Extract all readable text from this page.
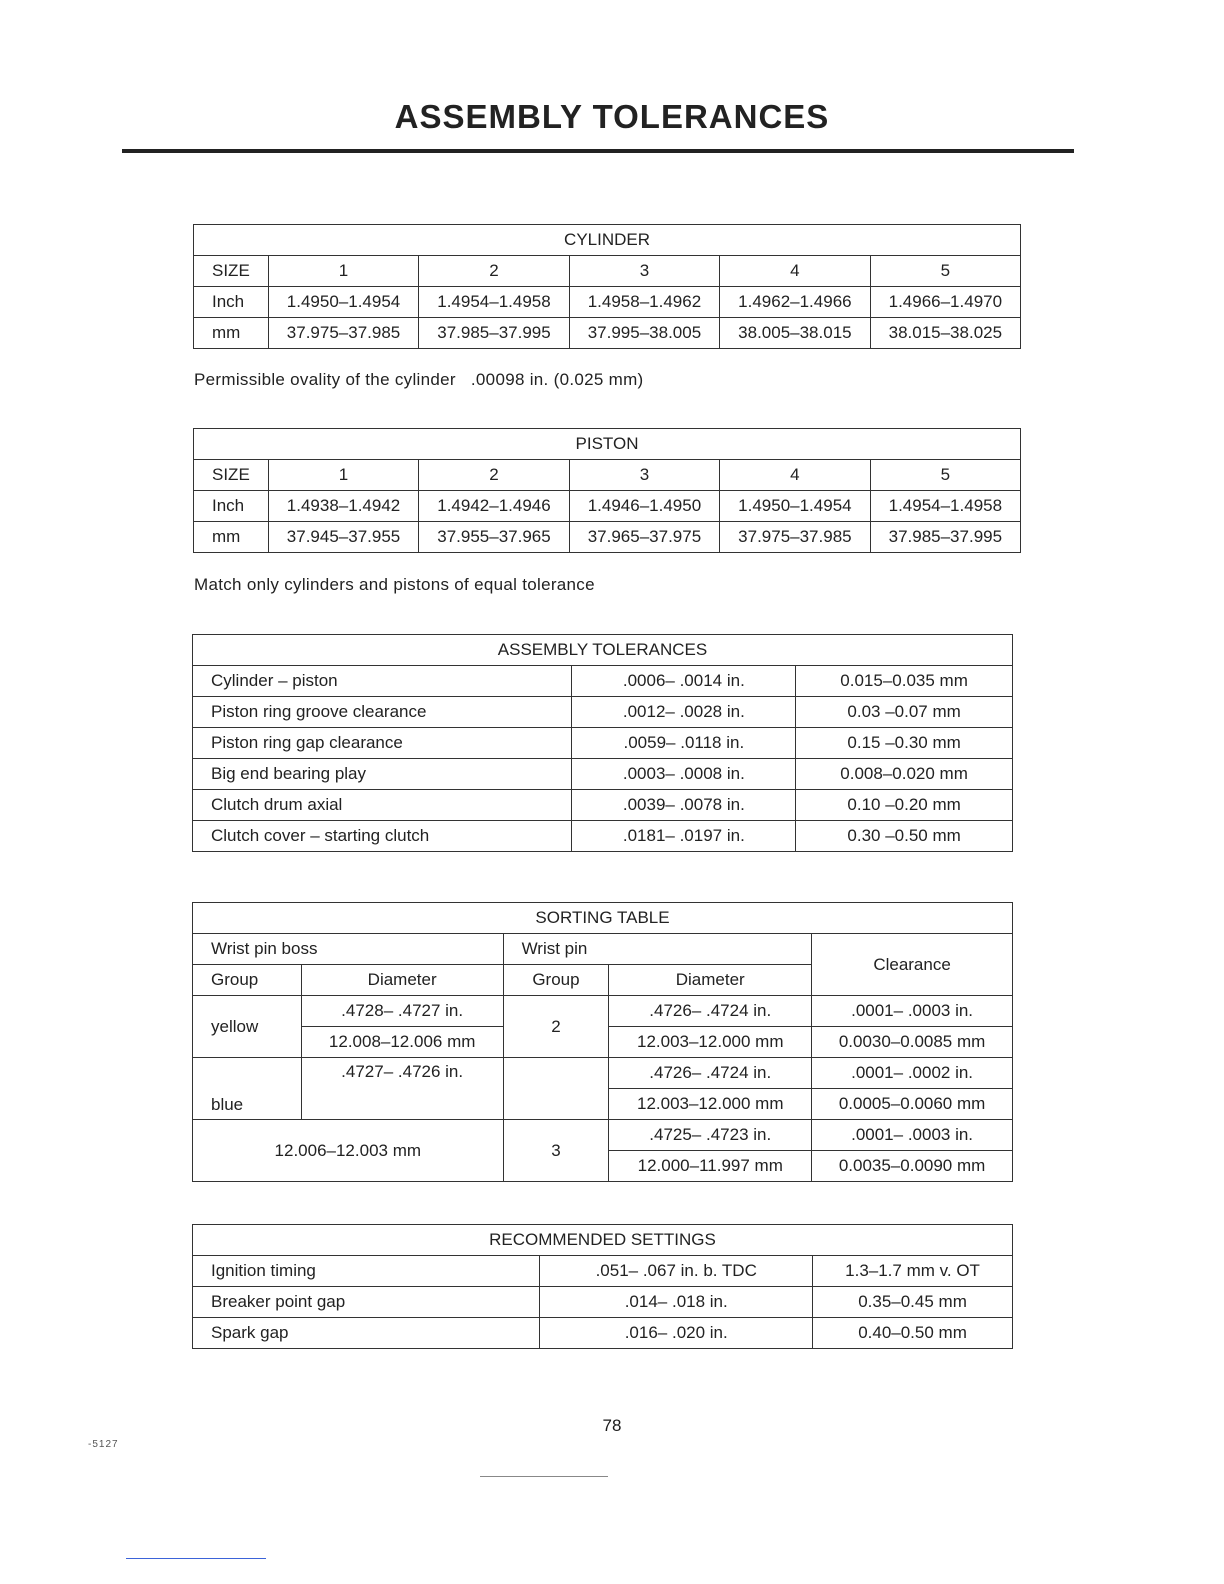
ASSEMBLY TOLERANCES
CYLINDER					
SIZE	1	2	3	4	5
Inch	1.4950–1.4954	1.4954–1.4958	1.4958–1.4962	1.4962–1.4966	1.4966–1.4970
mm	37.975–37.985	37.985–37.995	37.995–38.005	38.005–38.015	38.015–38.025
Permissible ovality of the cylinder .00098 in. (0.025 mm)
PISTON					
SIZE	1	2	3	4	5
Inch	1.4938–1.4942	1.4942–1.4946	1.4946–1.4950	1.4950–1.4954	1.4954–1.4958
mm	37.945–37.955	37.955–37.965	37.965–37.975	37.975–37.985	37.985–37.995
Match only cylinders and pistons of equal tolerance
ASSEMBLY TOLERANCES		
Cylinder – piston	.0006– .0014 in.	0.015–0.035 mm
Piston ring groove clearance	.0012– .0028 in.	0.03 –0.07 mm
Piston ring gap clearance	.0059– .0118 in.	0.15 –0.30 mm
Big end bearing play	.0003– .0008 in.	0.008–0.020 mm
Clutch drum axial	.0039– .0078 in.	0.10 –0.20 mm
Clutch cover – starting clutch	.0181– .0197 in.	0.30 –0.50 mm
SORTING TABLE				
Wrist pin boss		Wrist pin		Clearance
Group	Diameter	Group	Diameter	
yellow	.4728– .4727 in.	2	.4726– .4724 in.	.0001– .0003 in.
	12.008–12.006 mm		12.003–12.000 mm	0.0030–0.0085 mm
blue	.4727– .4726 in.		.4726– .4724 in.	.0001– .0002 in.
			12.003–12.000 mm	0.0005–0.0060 mm
12.006–12.003 mm		3	.4725– .4723 in.	.0001– .0003 in.
			12.000–11.997 mm	0.0035–0.0090 mm
RECOMMENDED SETTINGS		
Ignition timing	.051– .067 in. b. TDC	1.3–1.7 mm v. OT
Breaker point gap	.014– .018 in.	0.35–0.45 mm
Spark gap	.016– .020 in.	0.40–0.50 mm
78
-5127
